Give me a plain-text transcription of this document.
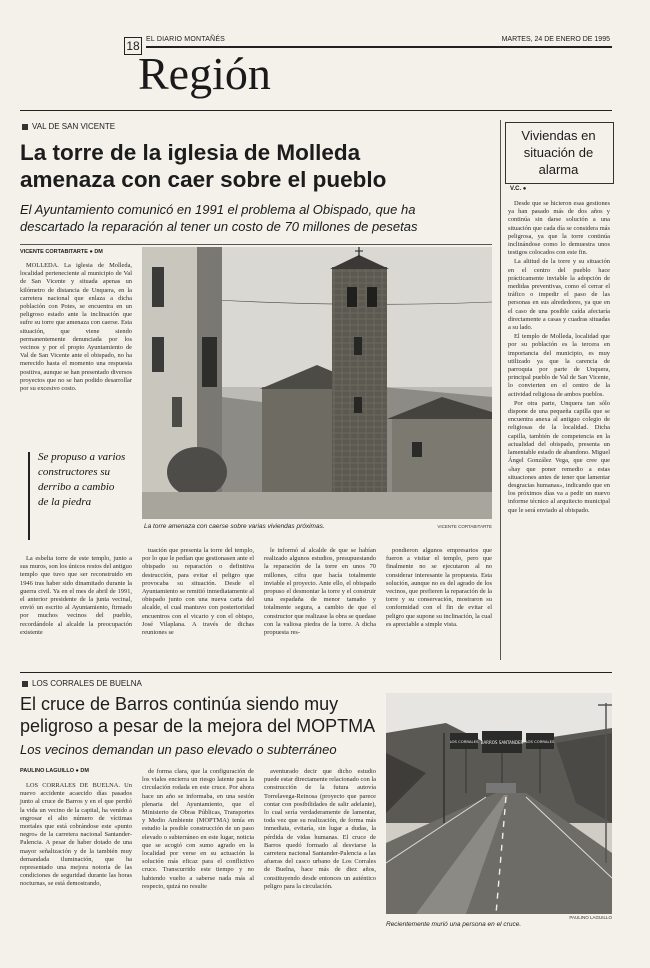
18 EL DIARIO MONTAÑÉS	MARTES, 24 DE ENERO DE 1995
Región
VAL DE SAN VICENTE
La torre de la iglesia de Molleda
amenaza con caer sobre el pueblo
El Ayuntamiento comunicó en 1991 el problema al Obispado, que ha
descartado la reparación al tener un costo de 70 millones de pesetas
VICENTE CORTABITARTE ● DM

MOLLEDA. La iglesia de Molleda, localidad perteneciente al municipio de Val de San Vicente y situada apenas un kilómetro de distancia de Unquera, en la carretera nacional que enlaza a dicha población con Potes, se encuentra en un peligroso estado ante la inclinación que sufre su torre que amenaza con caerse. Esta situación, que viene siendo permanentemente denunciada por los vecinos y por el propio Ayuntamiento de Val de San Vicente ante el obispado, no ha merecido hasta el momento una respuesta positiva, aunque se han presentado diversos proyectos que no se han podido desarrollar por su excesivo costo.

Se propuso a varios constructores su derribo a cambio de la piedra
La torre amenaza con caerse sobre varias viviendas próximas.	VICENTE CORTABITARTE

La esbelta torre de este templo, junto a sus muros, son los únicos restos del antiguo templo que tuvo que ser reconstruido en 1946 tras haber sido dinamitado durante la guerra civil. Ya en el mes de abril de 1991, el anterior presidente de la junta vecinal, envió un escrito al Ayuntamiento, firmado por muchos vecinos del pueblo, recordándole al alcalde la preocupación existente

tuación que presenta la torre del templo, por lo que le pedían que gestionasen ante el obispado su reparación o definitiva destrucción, para evitar el peligro que provocaba su situación. Desde el Ayuntamiento se remitió inmediatamente al obispado junto con una nueva carta del alcalde, el cual mantuvo con posterioridad encuentros con el vicario y con el obispo, José Vilaplana. A través de dichas reuniones se

le informó al alcalde de que se habían realizado algunos estudios, presupuestando la reparación de la torre en unos 70 millones, cifra que hacía totalmente inviable el proyecto. Ante ello, el obispado propuso el desmontar la torre y el construir una espadaña de menor tamaño y totalmente segura, a cambio de que el constructor que realizase la obra se quedase con la valiosa piedra de la torre. A dicha propuesta res-

pondieron algunos empresarios que fueron a visitar el templo, pero que finalmente no se ejecutaron al no considerar interesante la propuesta. Esta solución, aunque no es del agrado de los vecinos, que prefieren la reparación de la torre y su conservación, mostraron su conformidad con el fin de evitar el peligro que supone su inclinación, la cual es apreciable a simple vista.

Viviendas en
situación de
alarma
V.C. ●

Desde que se hicieron esas gestiones ya han pasado más de dos años y continúa sin darse solución a una situación que cada día se considera más peligrosa, ya que la torre continúa inclinándose como lo demuestra unos testigos colocados con este fin.

La altitud de la torre y su situación en el centro del pueblo hace prácticamente inviable la adopción de medidas preventivas, como el cerrar el tráfico o impedir el paso de las personas en sus alrededores, ya que en el caso de una posible caída afectaría directamente a casas y cuadras situadas a su lado.

El templo de Molleda, localidad que por su población es la tercera en importancia del municipio, es muy utilizado ya que la carencia de parroquia por parte de Unquera, principal pueblo de Val de San Vicente, lo convierten en el centro de la actividad religiosa de ambos pueblos.

Por otra parte, Unquera tan sólo dispone de una pequeña capilla que se encuentra anexa al antiguo colegio de religiosas de la localidad. Dicha capilla, también de competencia en la actualidad del obispado, presenta un lamentable estado de abandono. Miguel Ángel González Vega, que cree que «hay que poner remedio a estas situaciones antes de tener que lamentar desgracias humanas», indicando que en los próximos días va a pedir un nuevo informe técnico al arquitecto municipal que le será enviado al obispado.

LOS CORRALES DE BUELNA
El cruce de Barros continúa siendo muy
peligroso a pesar de la mejora del MOPTMA
Los vecinos demandan un paso elevado o subterráneo
PAULINO LAGUILLO ● DM

LOS CORRALES DE BUELNA. Un nuevo accidente acaecido días pasados junto al cruce de Barros y en el que perdió la vida un vecino de la capital, ha venido a engrosar el alto número de víctimas mortales que está cobrándose este «punto negro» de la carretera nacional Santander-Palencia. A pesar de haber dotado de una mayor señalización y de la también muy demandada iluminación, que ha representado una mejora notoria de las condiciones de seguridad durante las horas nocturnas, se está demostrando,

de forma clara, que la configuración de los viales encierra un riesgo latente para la circulación rodada en este cruce. Por ahora hace un año se informaba, en una sesión plenaria del Ayuntamiento, que el Ministerio de Obras Públicas, Transportes y Medio Ambiente (MOPTMA) tenía en estudio la posible construcción de un paso elevado o subterráneo en este lugar, noticia que se acogió con sumo agrado en la localidad por verse en su actuación la solución más eficaz para el conflictivo cruce. Transcurrido este tiempo y no habiendo vuelto a saberse nada más al respecto, quizá no resulte

aventurado decir que dicho estudio puede estar directamente relacionado con la construcción de la futura autovía Torrelavega-Reinosa (proyecto que parece contar con posibilidades de salir adelante), lo cual sería verdaderamente de lamentar, toda vez que su realización, de forma más inmediata, evitaría, sin lugar a dudas, la pérdida de vidas humanas. El cruce de Barros quedó formado al desviarse la carretera nacional Santander-Palencia a las afueras del casco urbano de Los Corrales de Buelna, hace más de diez años, constituyendo desde entonces un auténtico peligro para la circulación.

LOS CORRALES BARROS SANTANDER LOS CORRALES
PAULINO LAGUILLO
Recientemente murió una persona en el cruce.
